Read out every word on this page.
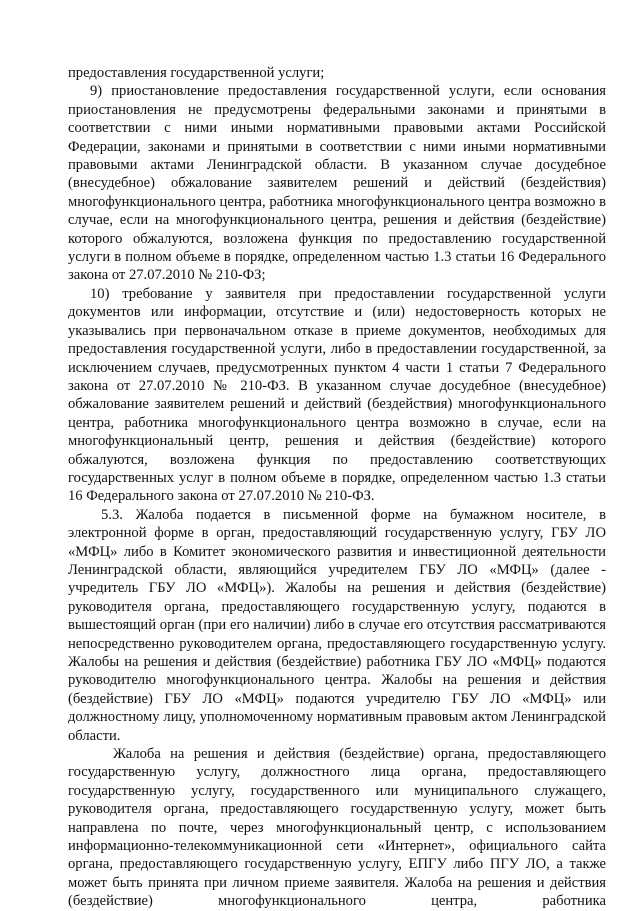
предоставления государственной услуги;

9) приостановление предоставления государственной услуги, если основания приостановления не предусмотрены федеральными законами и принятыми в соответствии с ними иными нормативными правовыми актами Российской Федерации, законами и принятыми в соответствии с ними иными нормативными правовыми актами Ленинградской области. В указанном случае досудебное (внесудебное) обжалование заявителем решений и действий (бездействия) многофункционального центра, работника многофункционального центра возможно в случае, если на многофункционального центра, решения и действия (бездействие) которого обжалуются, возложена функция по предоставлению государственной услуги в полном объеме в порядке, определенном частью 1.3 статьи 16 Федерального закона от 27.07.2010 № 210-ФЗ;

10) требование у заявителя при предоставлении государственной услуги документов или информации, отсутствие и (или) недостоверность которых не указывались при первоначальном отказе в приеме документов, необходимых для предоставления государственной услуги, либо в предоставлении государственной, за исключением случаев, предусмотренных пунктом 4 части 1 статьи 7 Федерального закона от 27.07.2010 № 210-ФЗ. В указанном случае досудебное (внесудебное) обжалование заявителем решений и действий (бездействия) многофункционального центра, работника многофункционального центра возможно в случае, если на многофункциональный центр, решения и действия (бездействие) которого обжалуются, возложена функция по предоставлению соответствующих государственных услуг в полном объеме в порядке, определенном частью 1.3 статьи 16 Федерального закона от 27.07.2010 № 210-ФЗ.

5.3. Жалоба подается в письменной форме на бумажном носителе, в электронной форме в орган, предоставляющий государственную услугу, ГБУ ЛО «МФЦ» либо в Комитет экономического развития и инвестиционной деятельности Ленинградской области, являющийся учредителем ГБУ ЛО «МФЦ» (далее - учредитель ГБУ ЛО «МФЦ»). Жалобы на решения и действия (бездействие) руководителя органа, предоставляющего государственную услугу, подаются в вышестоящий орган (при его наличии) либо в случае его отсутствия рассматриваются непосредственно руководителем органа, предоставляющего государственную услугу. Жалобы на решения и действия (бездействие) работника ГБУ ЛО «МФЦ» подаются руководителю многофункционального центра. Жалобы на решения и действия (бездействие) ГБУ ЛО «МФЦ» подаются учредителю ГБУ ЛО «МФЦ» или должностному лицу, уполномоченному нормативным правовым актом Ленинградской области.

Жалоба на решения и действия (бездействие) органа, предоставляющего государственную услугу, должностного лица органа, предоставляющего государственную услугу, государственного или муниципального служащего, руководителя органа, предоставляющего государственную услугу, может быть направлена по почте, через многофункциональный центр, с использованием информационно-телекоммуникационной сети «Интернет», официального сайта органа, предоставляющего государственную услугу, ЕПГУ либо ПГУ ЛО, а также может быть принята при личном приеме заявителя. Жалоба на решения и действия (бездействие) многофункционального центра, работника
